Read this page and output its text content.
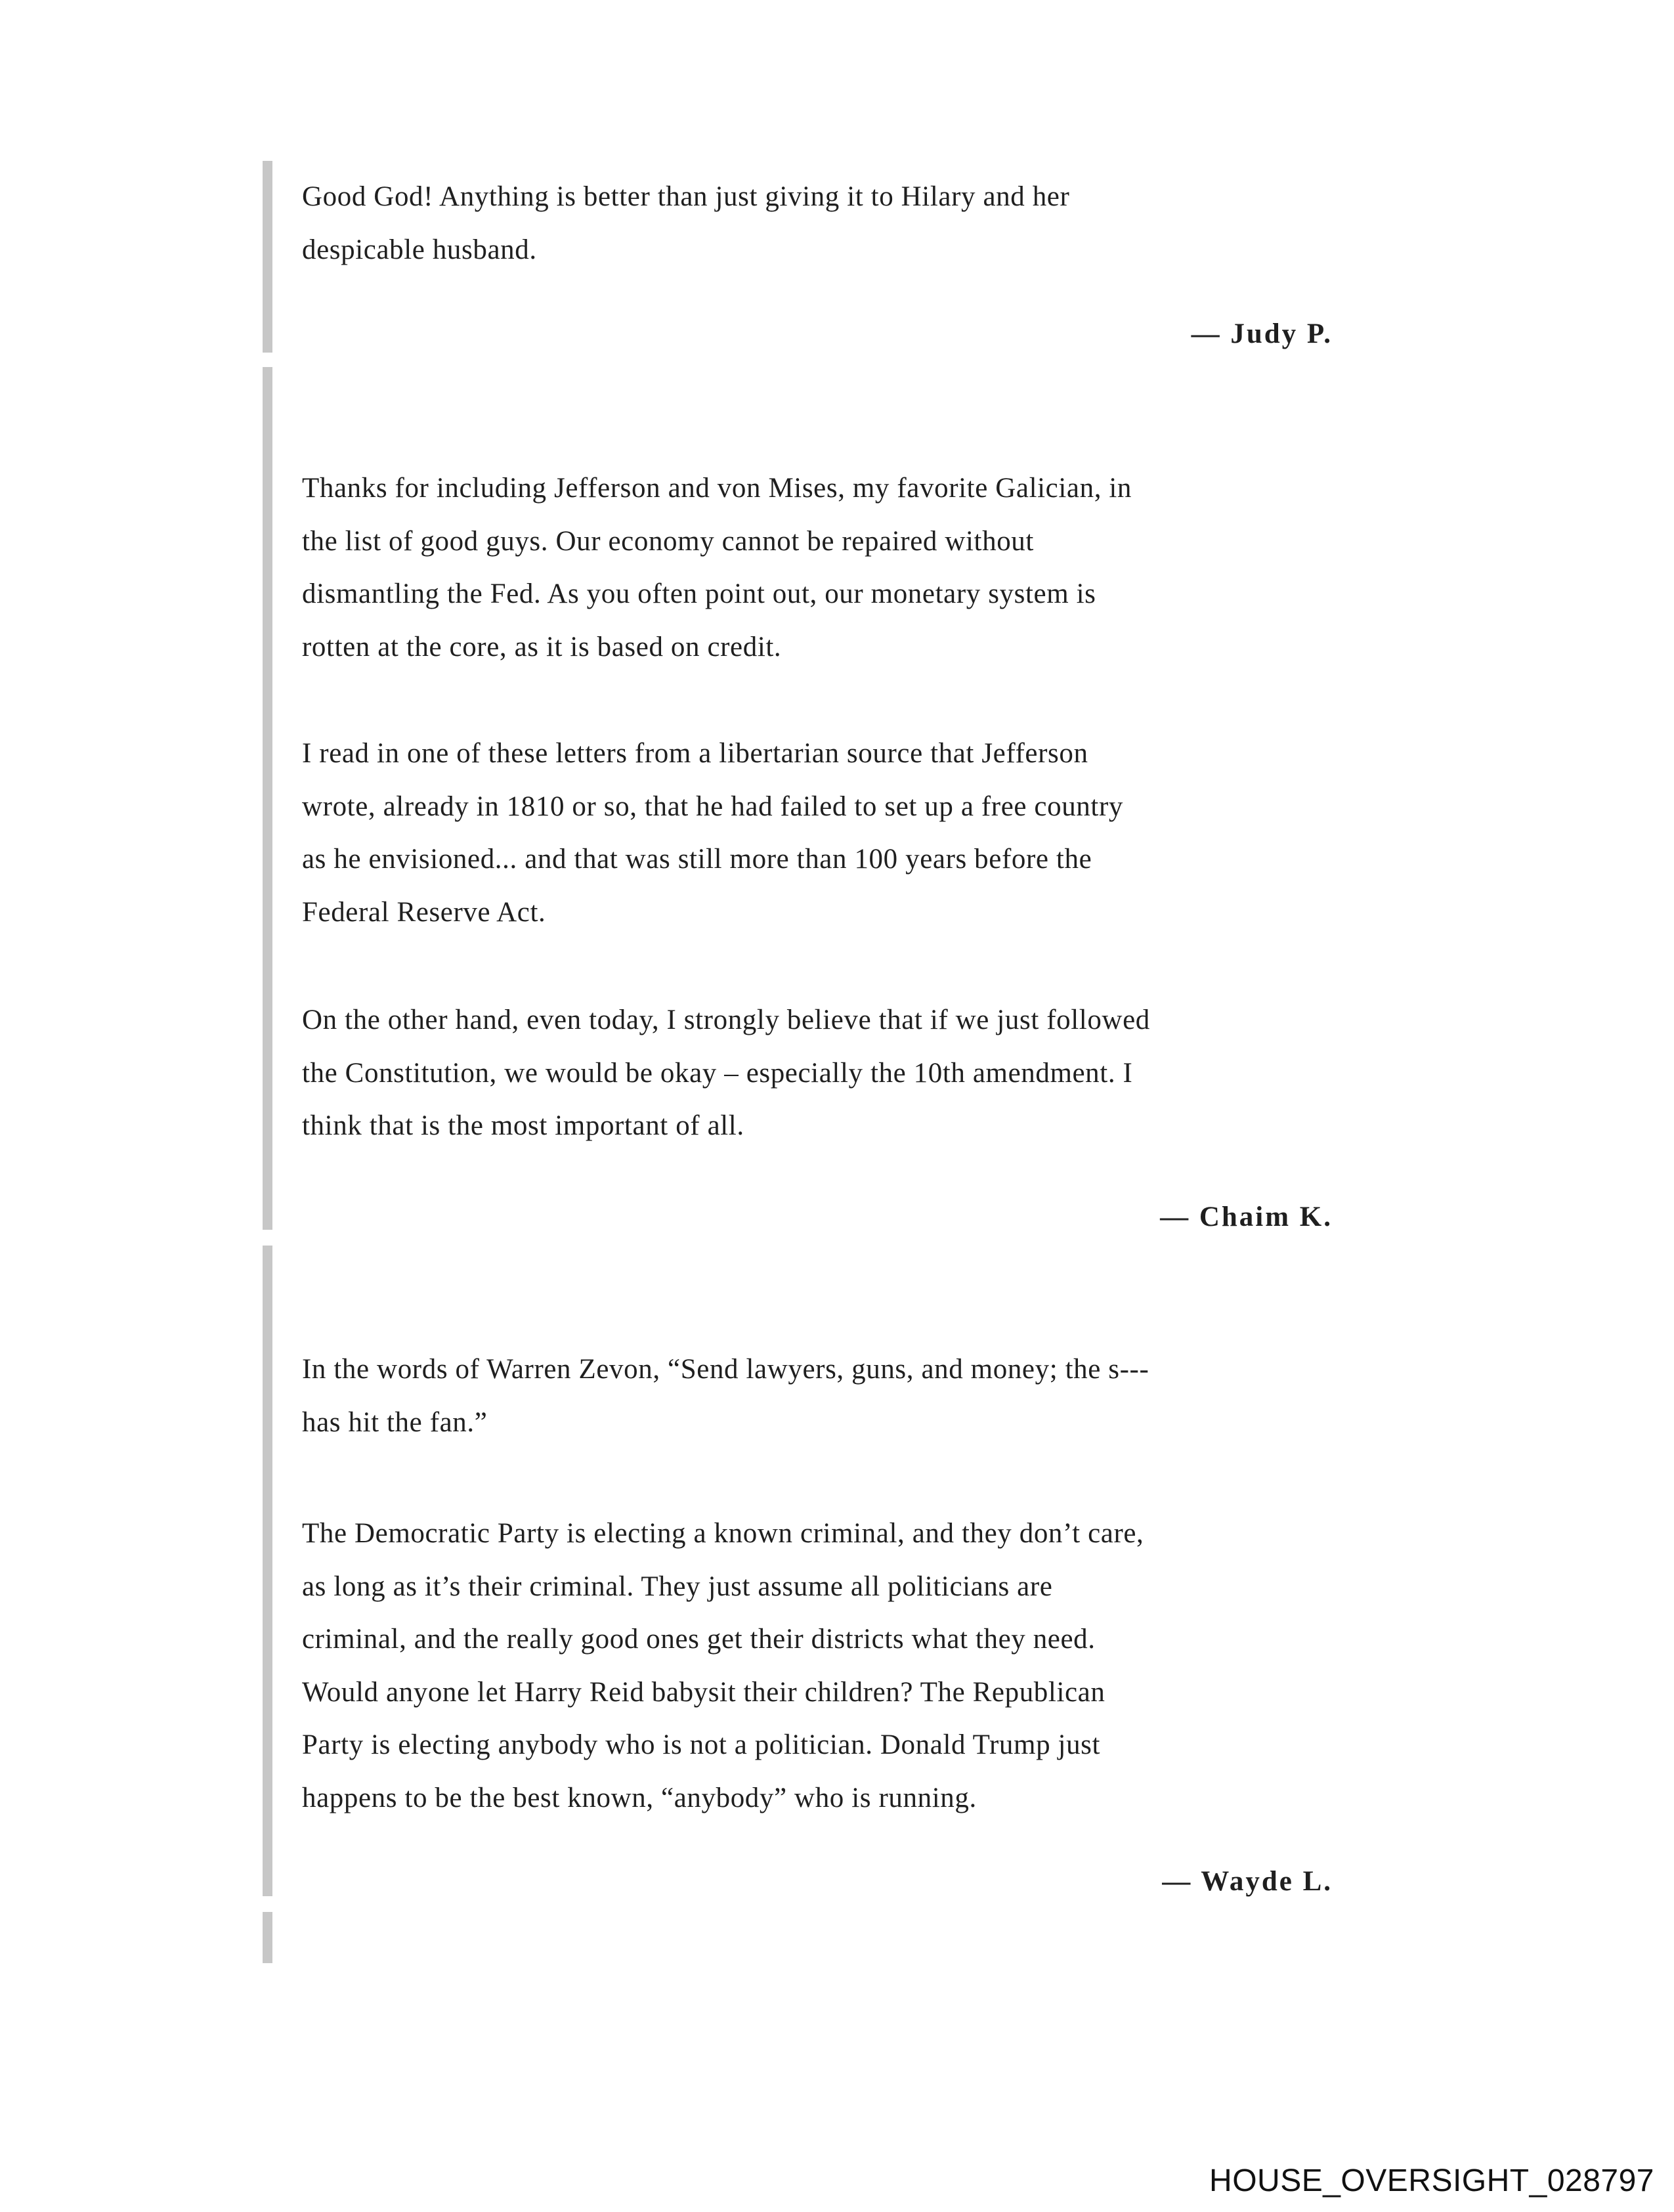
Good God! Anything is better than just giving it to Hilary and her
despicable husband.
— Judy P.
Thanks for including Jefferson and von Mises, my favorite Galician, in
the list of good guys. Our economy cannot be repaired without
dismantling the Fed. As you often point out, our monetary system is
rotten at the core, as it is based on credit.
I read in one of these letters from a libertarian source that Jefferson
wrote, already in 1810 or so, that he had failed to set up a free country
as he envisioned... and that was still more than 100 years before the
Federal Reserve Act.
On the other hand, even today, I strongly believe that if we just followed
the Constitution, we would be okay – especially the 10th amendment. I
think that is the most important of all.
— Chaim K.
In the words of Warren Zevon, “Send lawyers, guns, and money; the s---
has hit the fan.”
The Democratic Party is electing a known criminal, and they don’t care,
as long as it’s their criminal. They just assume all politicians are
criminal, and the really good ones get their districts what they need.
Would anyone let Harry Reid babysit their children? The Republican
Party is electing anybody who is not a politician. Donald Trump just
happens to be the best known, “anybody” who is running.
— Wayde L.
HOUSE_OVERSIGHT_028797
